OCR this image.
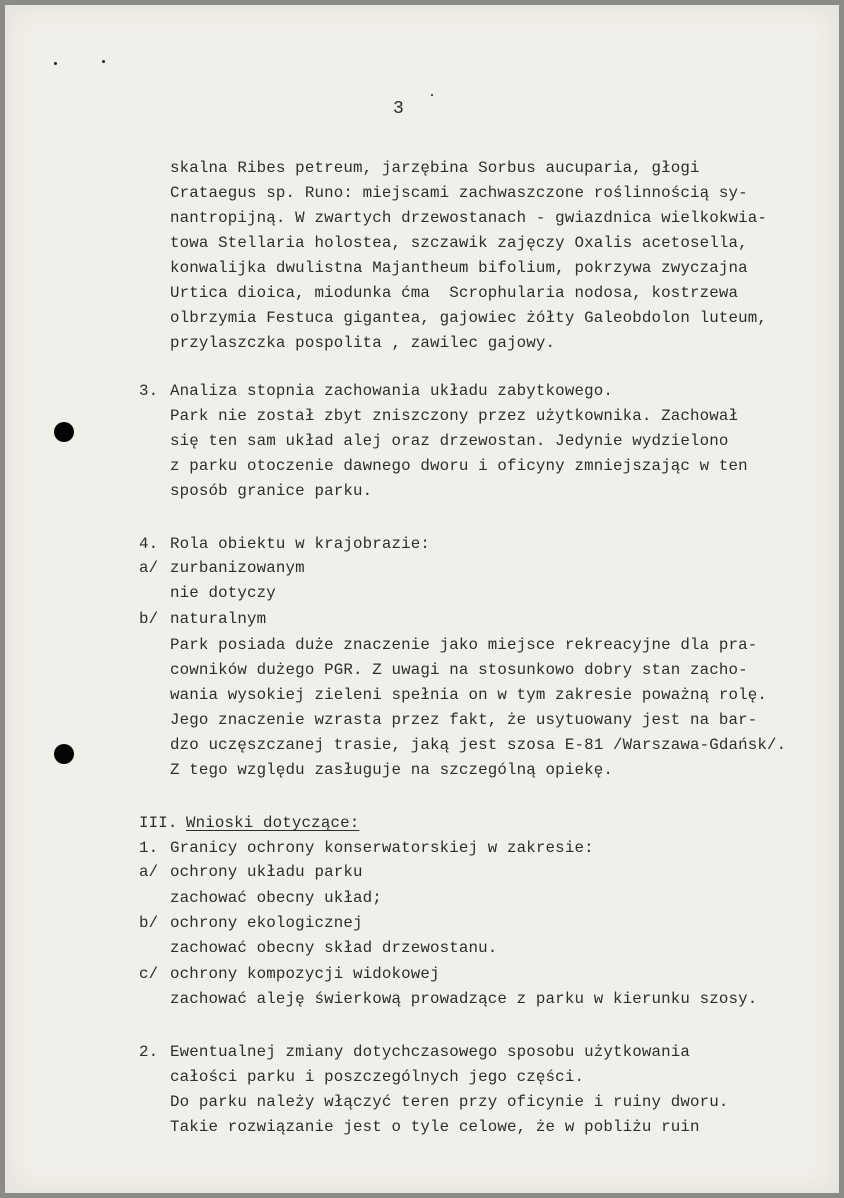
3
skalna Ribes petreum, jarzębina Sorbus aucuparia, głogi
Crataegus sp. Runo: miejscami zachwaszczone roślinnością sy-
nantropijną. W zwartych drzewostanach - gwiazdnica wielkokwia-
towa Stellaria holostea, szczawik zajęczy Oxalis acetosella,
konwalijka dwulistna Majantheum bifolium, pokrzywa zwyczajna
Urtica dioica, miodunka ćma  Scrophularia nodosa, kostrzewa
olbrzymia Festuca gigantea, gajowiec żółty Galeobdolon luteum,
przylaszczka pospolita , zawilec gajowy.
3. Analiza stopnia zachowania układu zabytkowego.
Park nie został zbyt zniszczony przez użytkownika. Zachował
się ten sam układ alej oraz drzewostan. Jedynie wydzielono
z parku otoczenie dawnego dworu i oficyny zmniejszając w ten
sposób granice parku.
4. Rola obiektu w krajobrazie:
a/ zurbanizowanym
nie dotyczy
b/ naturalnym
Park posiada duże znaczenie jako miejsce rekreacyjne dla pra-
cowników dużego PGR. Z uwagi na stosunkowo dobry stan zacho-
wania wysokiej zieleni spełnia on w tym zakresie poważną rolę.
Jego znaczenie wzrasta przez fakt, że usytuowany jest na bar-
dzo uczęszczanej trasie, jaką jest szosa E-81 /Warszawa-Gdańsk/.
Z tego względu zasługuje na szczególną opiekę.
III. Wnioski dotyczące:
1. Granicy ochrony konserwatorskiej w zakresie:
a/ ochrony układu parku
zachować obecny układ;
b/ ochrony ekologicznej
zachować obecny skład drzewostanu.
c/ ochrony kompozycji widokowej
zachować aleję świerkową prowadzące z parku w kierunku szosy.
2. Ewentualnej zmiany dotychczasowego sposobu użytkowania
całości parku i poszczególnych jego części.
Do parku należy włączyć teren przy oficynie i ruiny dworu.
Takie rozwiązanie jest o tyle celowe, że w pobliżu ruin
